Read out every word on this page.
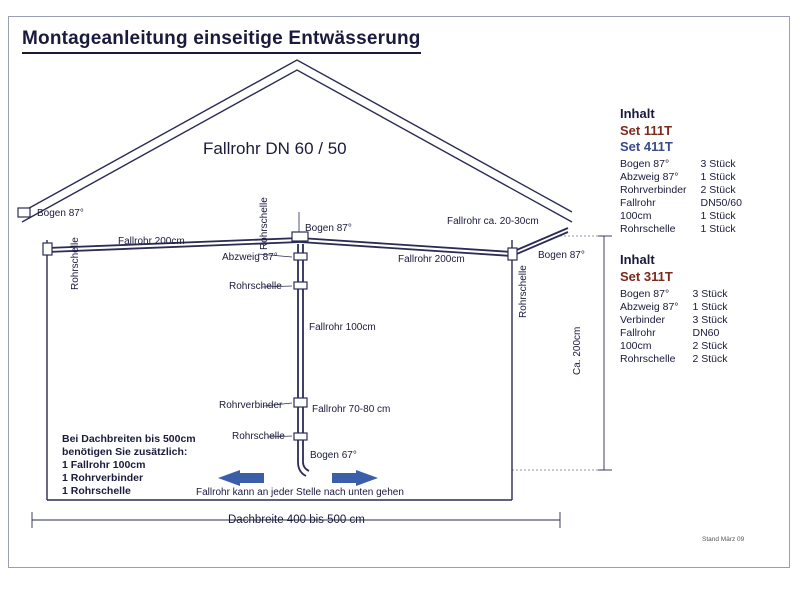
Montageanleitung einseitige Entwässerung
Fallrohr DN 60 / 50
Bogen 87°
Bogen 87°
Bogen 87°
Bogen 67°
Abzweig 87°
Rohrschelle
Rohrverbinder
Rohrschelle
Fallrohr 200cm
Fallrohr 200cm
Fallrohr 100cm
Fallrohr 70-80 cm
Fallrohr ca. 20-30cm
Rohrschelle
Rohrschelle
Rohrschelle
Ca. 200cm
Dachbreite 400 bis 500 cm
Fallrohr kann an jeder Stelle nach unten gehen
Bei Dachbreiten bis 500cm
benötigen Sie zusätzlich:
1 Fallrohr 100cm
1 Rohrverbinder
1 Rohrschelle
Inhalt
Set 111T
Set 411T
Bogen 87°	3 Stück
Abzweig 87°	1 Stück
Rohrverbinder	2 Stück
Fallrohr	DN50/60
100cm	1 Stück
Rohrschelle	1 Stück
Inhalt
Set 311T
Bogen 87°	3 Stück
Abzweig 87°	1 Stück
Verbinder	3 Stück
Fallrohr	DN60
100cm	2 Stück
Rohrschelle	2 Stück
Stand März 09
